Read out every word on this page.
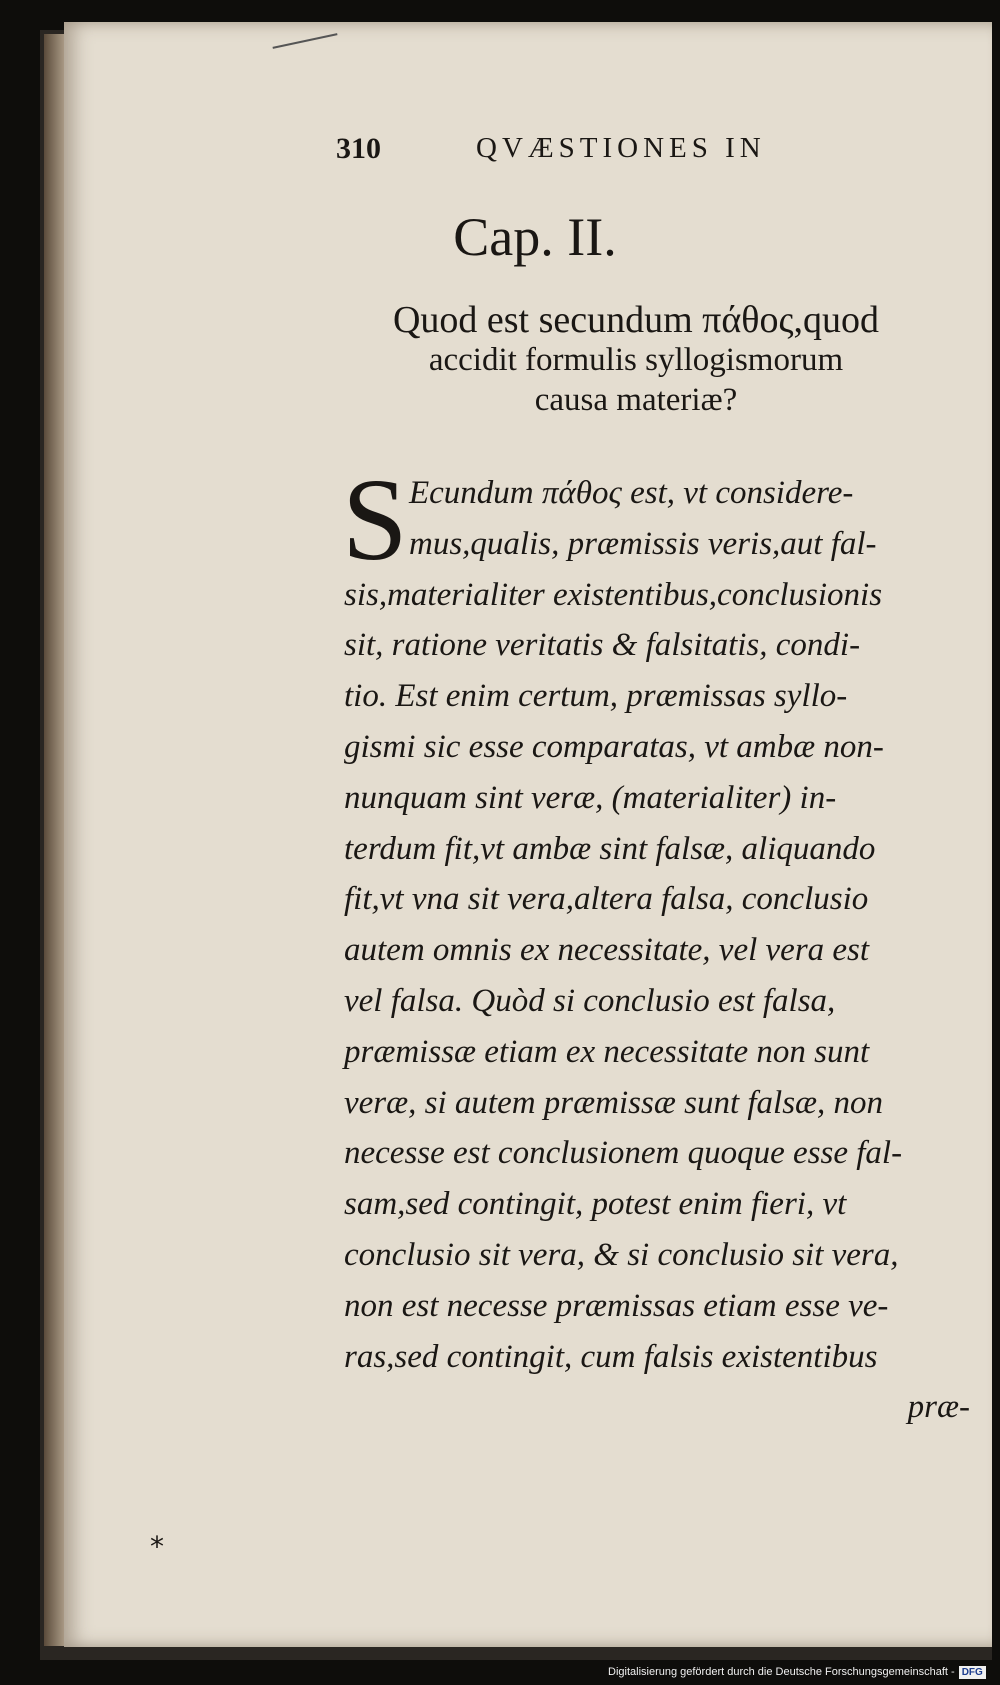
310	QVÆSTIONES IN
Cap. II.
Quod est secundum πάθος,quod
accidit formulis syllogismorum
causa materiæ?
S Ecundum πάθος est, vt considere-
mus,qualis, præmissis veris,aut fal-
sis,materialiter existentibus,conclusionis
sit, ratione veritatis & falsitatis, condi-
tio. Est enim certum, præmissas syllo-
gismi sic esse comparatas, vt ambæ non-
nunquam sint veræ, (materialiter) in-
terdum fit,vt ambæ sint falsæ, aliquando
fit,vt vna sit vera,altera falsa, conclusio
autem omnis ex necessitate, vel vera est
vel falsa. Quòd si conclusio est falsa,
præmissæ etiam ex necessitate non sunt
veræ, si autem præmissæ sunt falsæ, non
necesse est conclusionem quoque esse fal-
sam,sed contingit, potest enim fieri, vt
conclusio sit vera, & si conclusio sit vera,
non est necesse præmissas etiam esse ve-
ras,sed contingit, cum falsis existentibus
præ-
*
Digitalisierung gefördert durch die Deutsche Forschungsgemeinschaft - DFG
